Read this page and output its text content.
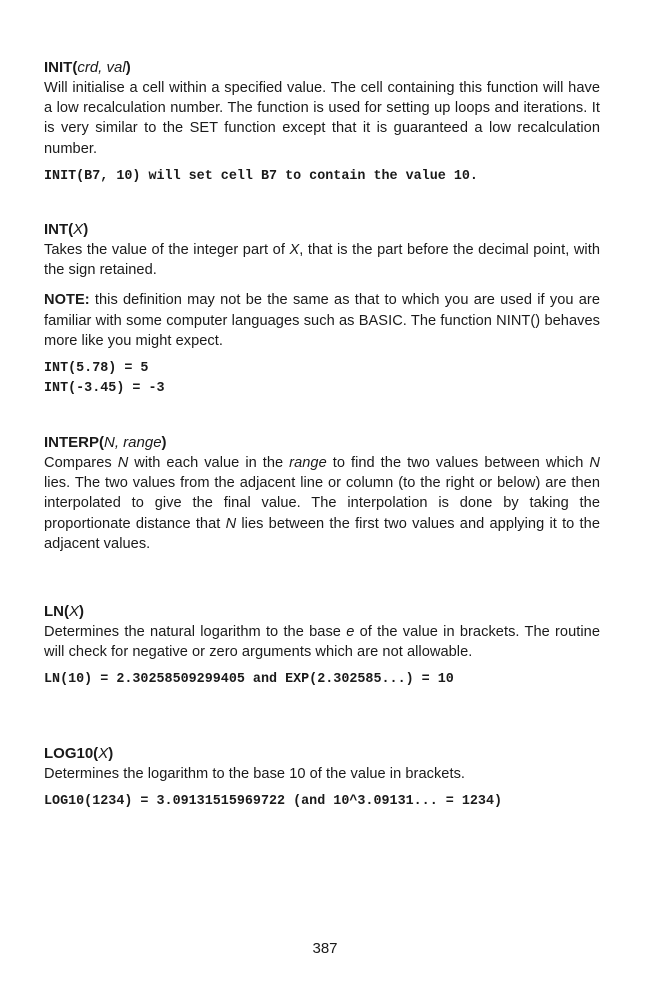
INIT(crd, val)

Will initialise a cell within a specified value. The cell containing this function will have a low recalculation number. The function is used for setting up loops and iterations. It is very similar to the SET function except that it is guaranteed a low recalculation number.

INIT(B7, 10) will set cell B7 to contain the value 10.
INT(X)

Takes the value of the integer part of X, that is the part before the decimal point, with the sign retained.

NOTE: this definition may not be the same as that to which you are used if you are familiar with some computer languages such as BASIC. The function NINT() behaves more like you might expect.

INT(5.78) = 5
INT(-3.45) = -3
INTERP(N, range)

Compares N with each value in the range to find the two values between which N lies. The two values from the adjacent line or column (to the right or below) are then interpolated to give the final value. The interpolation is done by taking the proportionate distance that N lies between the first two values and applying it to the adjacent values.

LN(X)

Determines the natural logarithm to the base e of the value in brackets. The routine will check for negative or zero arguments which are not allowable.

LN(10) = 2.30258509299405 and EXP(2.302585...) = 10
LOG10(X)

Determines the logarithm to the base 10 of the value in brackets.

LOG10(1234) = 3.09131515969722 (and 10^3.09131... = 1234)
387
